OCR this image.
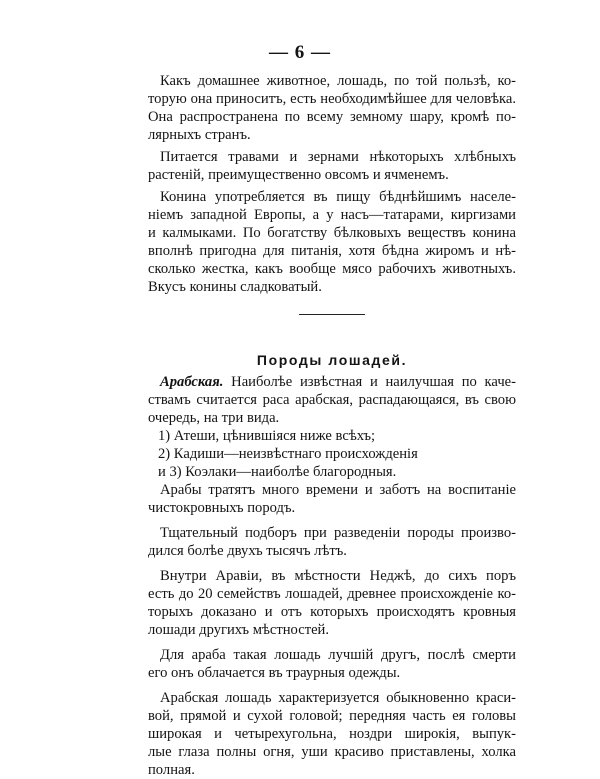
— 6 —

Какъ домашнее животное, лошадь, по той пользѣ, ко-
торую она приноситъ, есть необходимѣйшее для человѣка.
Она распространена по всему земному шару, кромѣ по-
лярныхъ странъ.

Питается травами и зернами нѣкоторыхъ хлѣбныхъ
растеній, преимущественно овсомъ и ячменемъ.

Конина употребляется въ пищу бѣднѣйшимъ населе-
ніемъ западной Европы, а у насъ—татарами, киргизами
и калмыками. По богатству бѣлковыхъ веществъ конина
вполнѣ пригодна для питанія, хотя бѣдна жиромъ и нѣ-
сколько жестка, какъ вообще мясо рабочихъ животныхъ.
Вкусъ конины сладковатый.

Породы лошадей.

Арабская. Наиболѣе извѣстная и наилучшая по каче-
ствамъ считается раса арабская, распадающаяся, въ свою
очередь, на три вида.

1) Атеши, цѣнившіяся ниже всѣхъ;
2) Кадиши—неизвѣстнаго происхожденія
и 3) Коэлаки—наиболѣе благородныя.

Арабы тратятъ много времени и заботъ на воспитаніе
чистокровныхъ породъ.

Тщательный подборъ при разведеніи породы произво-
дился болѣе двухъ тысячъ лѣтъ.

Внутри Аравіи, въ мѣстности Неджѣ, до сихъ поръ
есть до 20 семействъ лошадей, древнее происхожденіе ко-
торыхъ доказано и отъ которыхъ происходятъ кровныя
лошади другихъ мѣстностей.

Для араба такая лошадь лучшій другъ, послѣ смерти
его онъ облачается въ траурныя одежды.

Арабская лошадь характеризуется обыкновенно краси-
вой, прямой и сухой головой; передняя часть ея головы
широкая и четырехугольна, ноздри широкія, выпук-
лые глаза полны огня, уши красиво приставлены, холка
полная.
